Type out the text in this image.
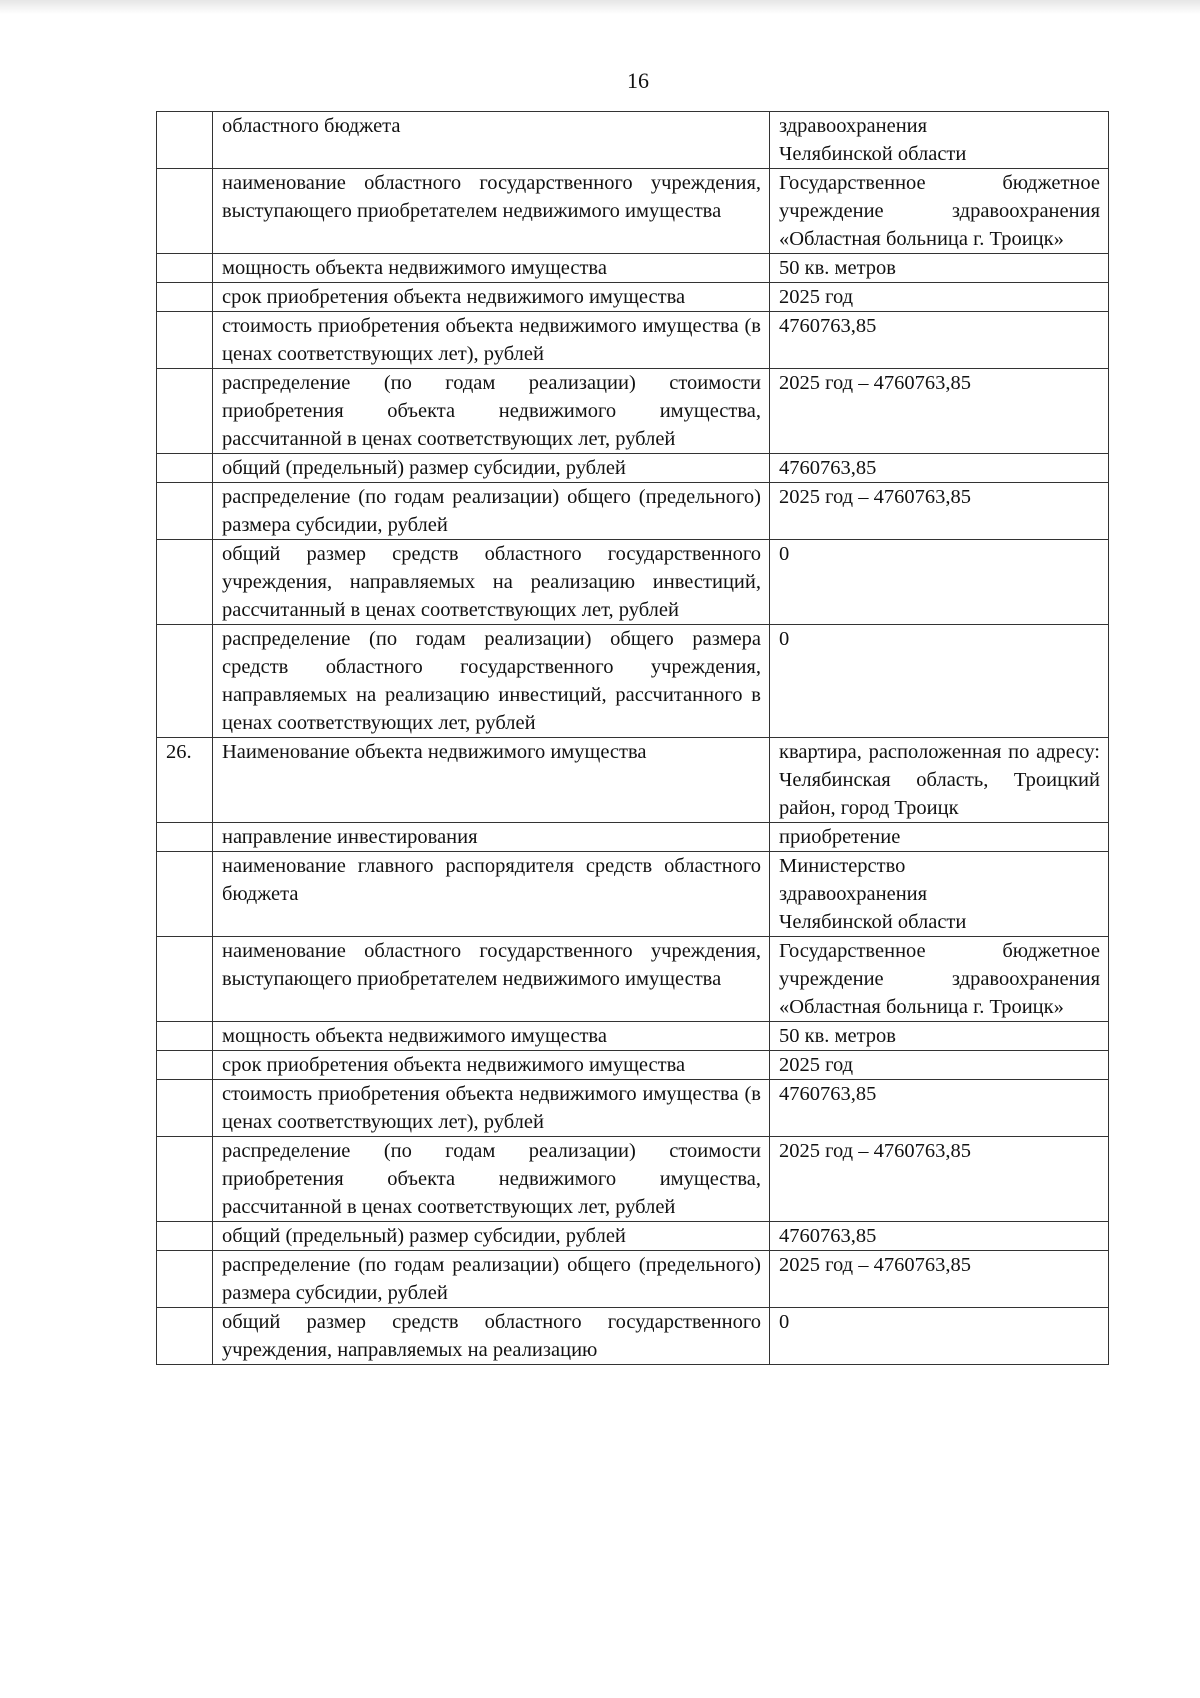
16
	областного бюджета	здравоохранения
Челябинской области
	наименование областного государственного учреждения, выступающего приобретателем недвижимого имущества	Государственное бюджетное учреждение здравоохранения «Областная больница г. Троицк»
	мощность объекта недвижимого имущества	50 кв. метров
	срок приобретения объекта недвижимого имущества	2025 год
	стоимость приобретения объекта недвижимого имущества (в ценах соответствующих лет), рублей	4760763,85
	распределение (по годам реализации) стоимости приобретения объекта недвижимого имущества, рассчитанной в ценах соответствующих лет, рублей	2025 год – 4760763,85
	общий (предельный) размер субсидии, рублей	4760763,85
	распределение (по годам реализации) общего (предельного) размера субсидии, рублей	2025 год – 4760763,85
	общий размер средств областного государственного учреждения, направляемых на реализацию инвестиций, рассчитанный в ценах соответствующих лет, рублей	0
	распределение (по годам реализации) общего размера средств областного государственного учреждения, направляемых на реализацию инвестиций, рассчитанного в ценах соответствующих лет, рублей	0
26.	Наименование объекта недвижимого имущества	квартира, расположенная по адресу: Челябинская область, Троицкий район, город Троицк
	направление инвестирования	приобретение
	наименование главного распорядителя средств областного бюджета	Министерство
здравоохранения
Челябинской области
	наименование областного государственного учреждения, выступающего приобретателем недвижимого имущества	Государственное бюджетное учреждение здравоохранения «Областная больница г. Троицк»
	мощность объекта недвижимого имущества	50 кв. метров
	срок приобретения объекта недвижимого имущества	2025 год
	стоимость приобретения объекта недвижимого имущества (в ценах соответствующих лет), рублей	4760763,85
	распределение (по годам реализации) стоимости приобретения объекта недвижимого имущества, рассчитанной в ценах соответствующих лет, рублей	2025 год – 4760763,85
	общий (предельный) размер субсидии, рублей	4760763,85
	распределение (по годам реализации) общего (предельного) размера субсидии, рублей	2025 год – 4760763,85
	общий размер средств областного государственного учреждения, направляемых на реализацию	0
